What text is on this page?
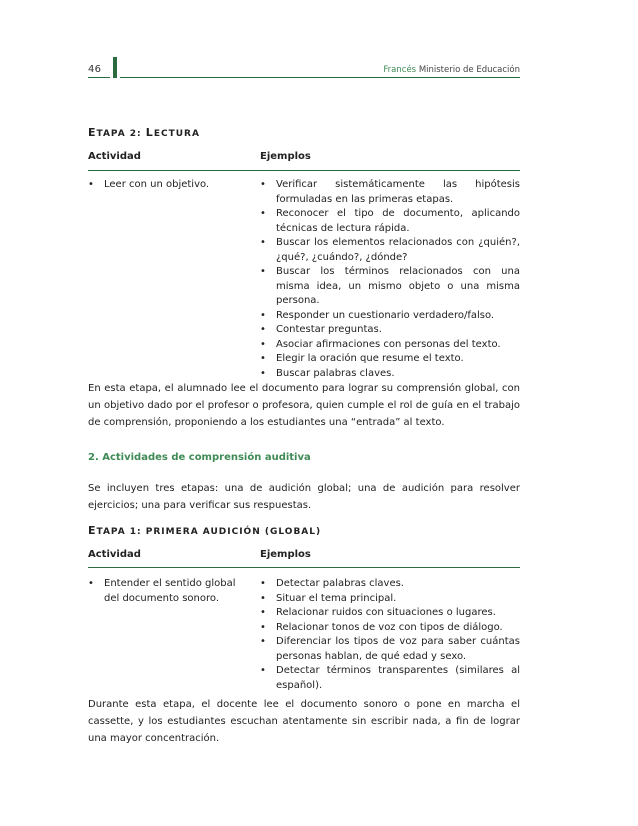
46	Francés Ministerio de Educación
ETAPA 2: LECTURA
Actividad	Ejemplos
• Leer con un objetivo.
•	Verificar sistemáticamente las hipótesis formuladas en las primeras etapas.
• Reconocer el tipo de documento, aplicando técnicas de lectura rápida.
• Buscar los elementos relacionados con ¿quién?, ¿qué?, ¿cuándo?, ¿dónde?
• Buscar los términos relacionados con una misma idea, un mismo objeto o una misma persona.
• Responder un cuestionario verdadero/falso.
• Contestar preguntas.
• Asociar afirmaciones con personas del texto.
• Elegir la oración que resume el texto.
• Buscar palabras claves.

En esta etapa, el alumnado lee el documento para lograr su comprensión global, con un objetivo dado por el profesor o profesora, quien cumple el rol de guía en el trabajo de comprensión, proponiendo a los estudiantes una “entrada” al texto.

2. Actividades de comprensión auditiva

Se incluyen tres etapas: una de audición global; una de audición para resolver ejercicios; una para verificar sus respuestas.

ETAPA 1: PRIMERA AUDICIÓN (GLOBAL)
Actividad	Ejemplos
• Entender el sentido global del documento sonoro.
• Detectar palabras claves.
• Situar el tema principal.
• Relacionar ruidos con situaciones o lugares.
• Relacionar tonos de voz con tipos de diálogo.
• Diferenciar los tipos de voz para saber cuántas personas hablan, de qué edad y sexo.
• Detectar términos transparentes (similares al español).

Durante esta etapa, el docente lee el documento sonoro o pone en marcha el cassette, y los estudiantes escuchan atentamente sin escribir nada, a fin de lograr una mayor concentración.
